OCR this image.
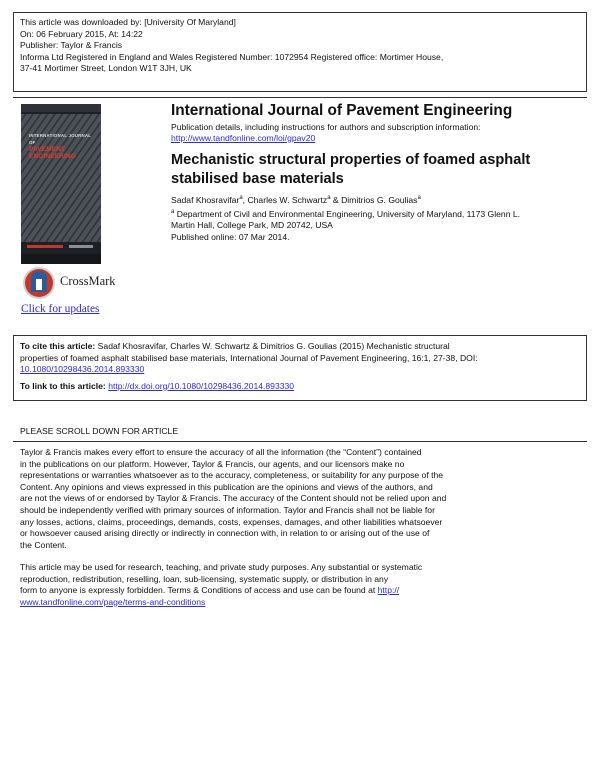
This article was downloaded by: [University Of Maryland]
On: 06 February 2015, At: 14:22
Publisher: Taylor & Francis
Informa Ltd Registered in England and Wales Registered Number: 1072954 Registered office: Mortimer House,
37-41 Mortimer Street, London W1T 3JH, UK
INTERNATIONAL JOURNAL OF
PAVEMENT
ENGINEERING
International Journal of Pavement Engineering
Publication details, including instructions for authors and subscription information:
http://www.tandfonline.com/loi/gpav20
Mechanistic structural properties of foamed asphalt
stabilised base materials
Sadaf Khosravifar$^a$, Charles W. Schwartz$^a$ & Dimitrios G. Goulias$^a$
$^a$ Department of Civil and Environmental Engineering, University of Maryland, 1173 Glenn L.
Martin Hall, College Park, MD 20742, USA
Published online: 07 Mar 2014.
CrossMark
Click for updates
To cite this article: Sadaf Khosravifar, Charles W. Schwartz & Dimitrios G. Goulias (2015) Mechanistic structural
properties of foamed asphalt stabilised base materials, International Journal of Pavement Engineering, 16:1, 27-38, DOI:
10.1080/10298436.2014.893330
To link to this article: http://dx.doi.org/10.1080/10298436.2014.893330
PLEASE SCROLL DOWN FOR ARTICLE
Taylor & Francis makes every effort to ensure the accuracy of all the information (the “Content”) contained
in the publications on our platform. However, Taylor & Francis, our agents, and our licensors make no
representations or warranties whatsoever as to the accuracy, completeness, or suitability for any purpose of the
Content. Any opinions and views expressed in this publication are the opinions and views of the authors, and
are not the views of or endorsed by Taylor & Francis. The accuracy of the Content should not be relied upon and
should be independently verified with primary sources of information. Taylor and Francis shall not be liable for
any losses, actions, claims, proceedings, demands, costs, expenses, damages, and other liabilities whatsoever
or howsoever caused arising directly or indirectly in connection with, in relation to or arising out of the use of
the Content.
This article may be used for research, teaching, and private study purposes. Any substantial or systematic
reproduction, redistribution, reselling, loan, sub-licensing, systematic supply, or distribution in any
form to anyone is expressly forbidden. Terms & Conditions of access and use can be found at http://
www.tandfonline.com/page/terms-and-conditions
